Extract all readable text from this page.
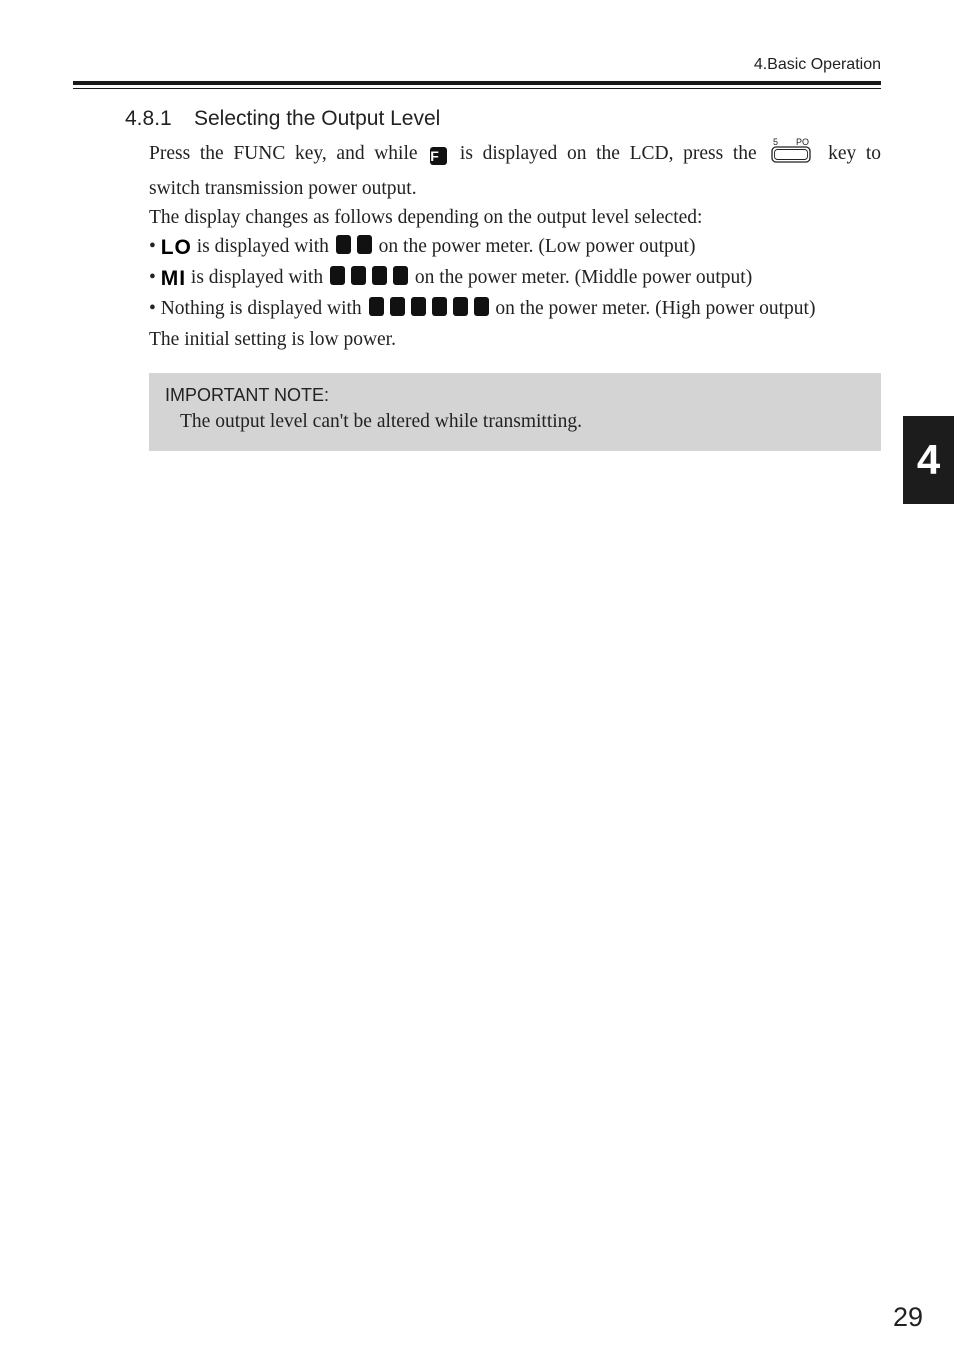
4.Basic Operation
4.8.1 Selecting the Output Level

Press the FUNC key, and while F is displayed on the LCD, press the
5 PO
key to

switch transmission power output.

The display changes as follows depending on the output level selected:

• LO is displayed with	on the power meter. (Low power output)

• MI is displayed with	on the power meter. (Middle power output)

• Nothing is displayed with	on the power meter. (High power output)

The initial setting is low power.

IMPORTANT NOTE:
The output level can't be altered while transmitting.
4
29
